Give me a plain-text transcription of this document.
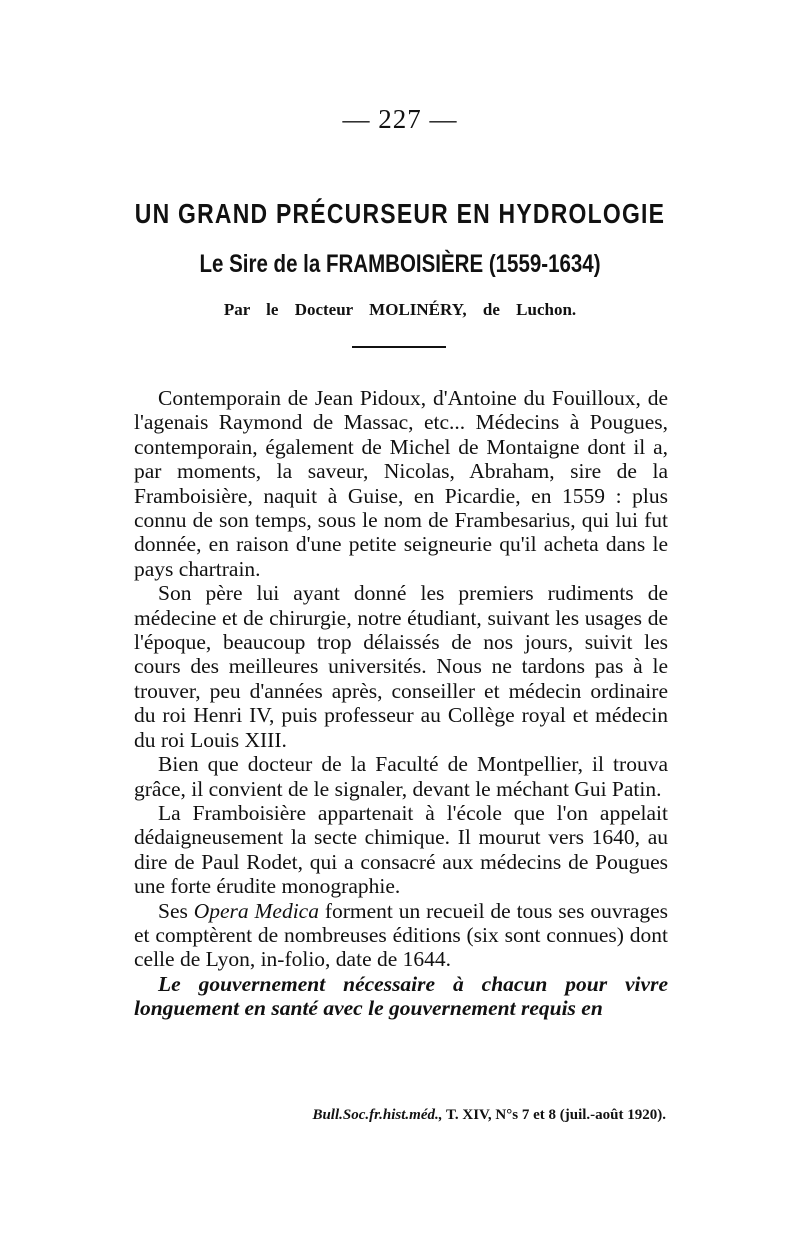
— 227 —
UN GRAND PRÉCURSEUR EN HYDROLOGIE
Le Sire de la FRAMBOISIÈRE (1559-1634)
Par le Docteur MOLINÉRY, de Luchon.

Contemporain de Jean Pidoux, d'Antoine du Fouilloux, de l'agenais Raymond de Massac, etc... Médecins à Pougues, contemporain, également de Michel de Montaigne dont il a, par moments, la saveur, Nicolas, Abraham, sire de la Framboisière, naquit à Guise, en Picardie, en 1559 : plus connu de son temps, sous le nom de Frambesarius, qui lui fut donnée, en raison d'une petite seigneurie qu'il acheta dans le pays chartrain.

Son père lui ayant donné les premiers rudiments de médecine et de chirurgie, notre étudiant, suivant les usages de l'époque, beaucoup trop délaissés de nos jours, suivit les cours des meilleures universités. Nous ne tardons pas à le trouver, peu d'années après, conseiller et médecin ordinaire du roi Henri IV, puis professeur au Collège royal et médecin du roi Louis XIII.

Bien que docteur de la Faculté de Montpellier, il trouva grâce, il convient de le signaler, devant le méchant Gui Patin.

La Framboisière appartenait à l'école que l'on appelait dédaigneusement la secte chimique. Il mourut vers 1640, au dire de Paul Rodet, qui a consacré aux médecins de Pougues une forte érudite monographie.

Ses Opera Medica forment un recueil de tous ses ouvrages et comptèrent de nombreuses éditions (six sont connues) dont celle de Lyon, in-folio, date de 1644.

Le gouvernement nécessaire à chacun pour vivre longuement en santé avec le gouvernement requis en

Bull.Soc.fr.hist.méd., T. XIV, N°s 7 et 8 (juil.-août 1920).
